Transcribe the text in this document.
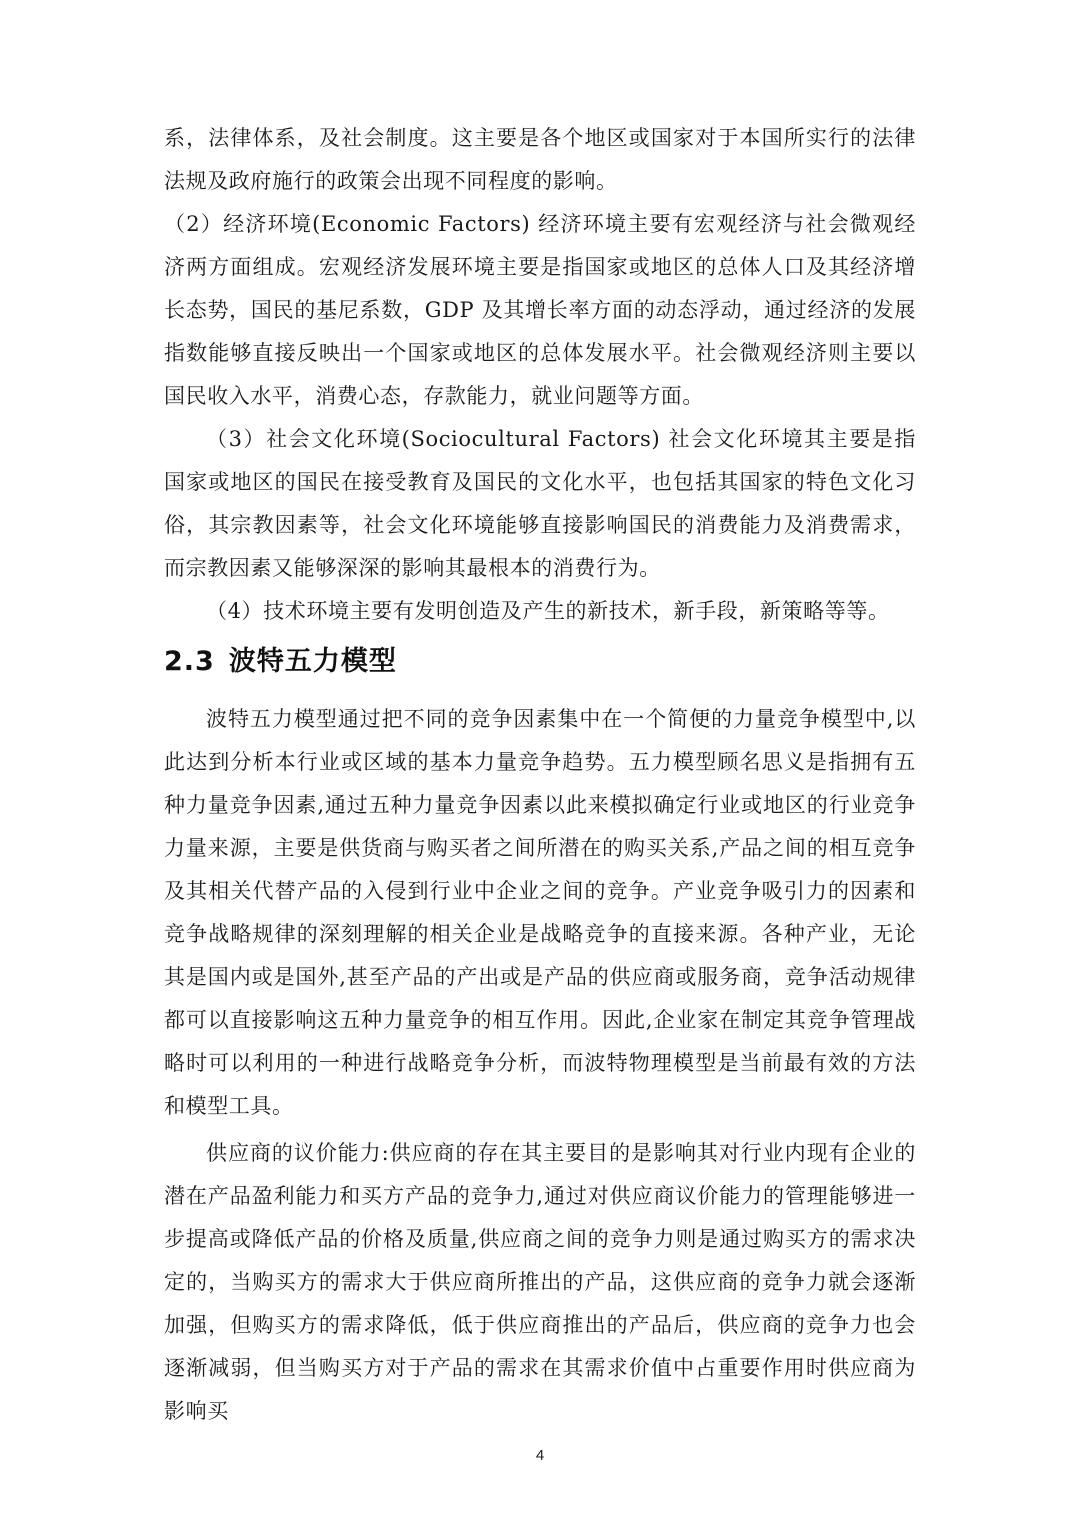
系，法律体系，及社会制度。这主要是各个地区或国家对于本国所实行的法律法规及政府施行的政策会出现不同程度的影响。

（2）经济环境(Economic Factors) 经济环境主要有宏观经济与社会微观经济两方面组成。宏观经济发展环境主要是指国家或地区的总体人口及其经济增长态势，国民的基尼系数，GDP 及其增长率方面的动态浮动，通过经济的发展指数能够直接反映出一个国家或地区的总体发展水平。社会微观经济则主要以国民收入水平，消费心态，存款能力，就业问题等方面。

（3）社会文化环境(Sociocultural Factors) 社会文化环境其主要是指国家或地区的国民在接受教育及国民的文化水平，也包括其国家的特色文化习俗，其宗教因素等，社会文化环境能够直接影响国民的消费能力及消费需求，而宗教因素又能够深深的影响其最根本的消费行为。

（4）技术环境主要有发明创造及产生的新技术，新手段，新策略等等。

2.3 波特五力模型

波特五力模型通过把不同的竞争因素集中在一个简便的力量竞争模型中,以此达到分析本行业或区域的基本力量竞争趋势。五力模型顾名思义是指拥有五种力量竞争因素,通过五种力量竞争因素以此来模拟确定行业或地区的行业竞争力量来源，主要是供货商与购买者之间所潜在的购买关系,产品之间的相互竞争及其相关代替产品的入侵到行业中企业之间的竞争。产业竞争吸引力的因素和竞争战略规律的深刻理解的相关企业是战略竞争的直接来源。各种产业，无论其是国内或是国外,甚至产品的产出或是产品的供应商或服务商，竞争活动规律都可以直接影响这五种力量竞争的相互作用。因此,企业家在制定其竞争管理战略时可以利用的一种进行战略竞争分析，而波特物理模型是当前最有效的方法和模型工具。

供应商的议价能力:供应商的存在其主要目的是影响其对行业内现有企业的潜在产品盈利能力和买方产品的竞争力,通过对供应商议价能力的管理能够进一步提高或降低产品的价格及质量,供应商之间的竞争力则是通过购买方的需求决定的，当购买方的需求大于供应商所推出的产品，这供应商的竞争力就会逐渐加强，但购买方的需求降低，低于供应商推出的产品后，供应商的竞争力也会逐渐减弱，但当购买方对于产品的需求在其需求价值中占重要作用时供应商为影响买

4
